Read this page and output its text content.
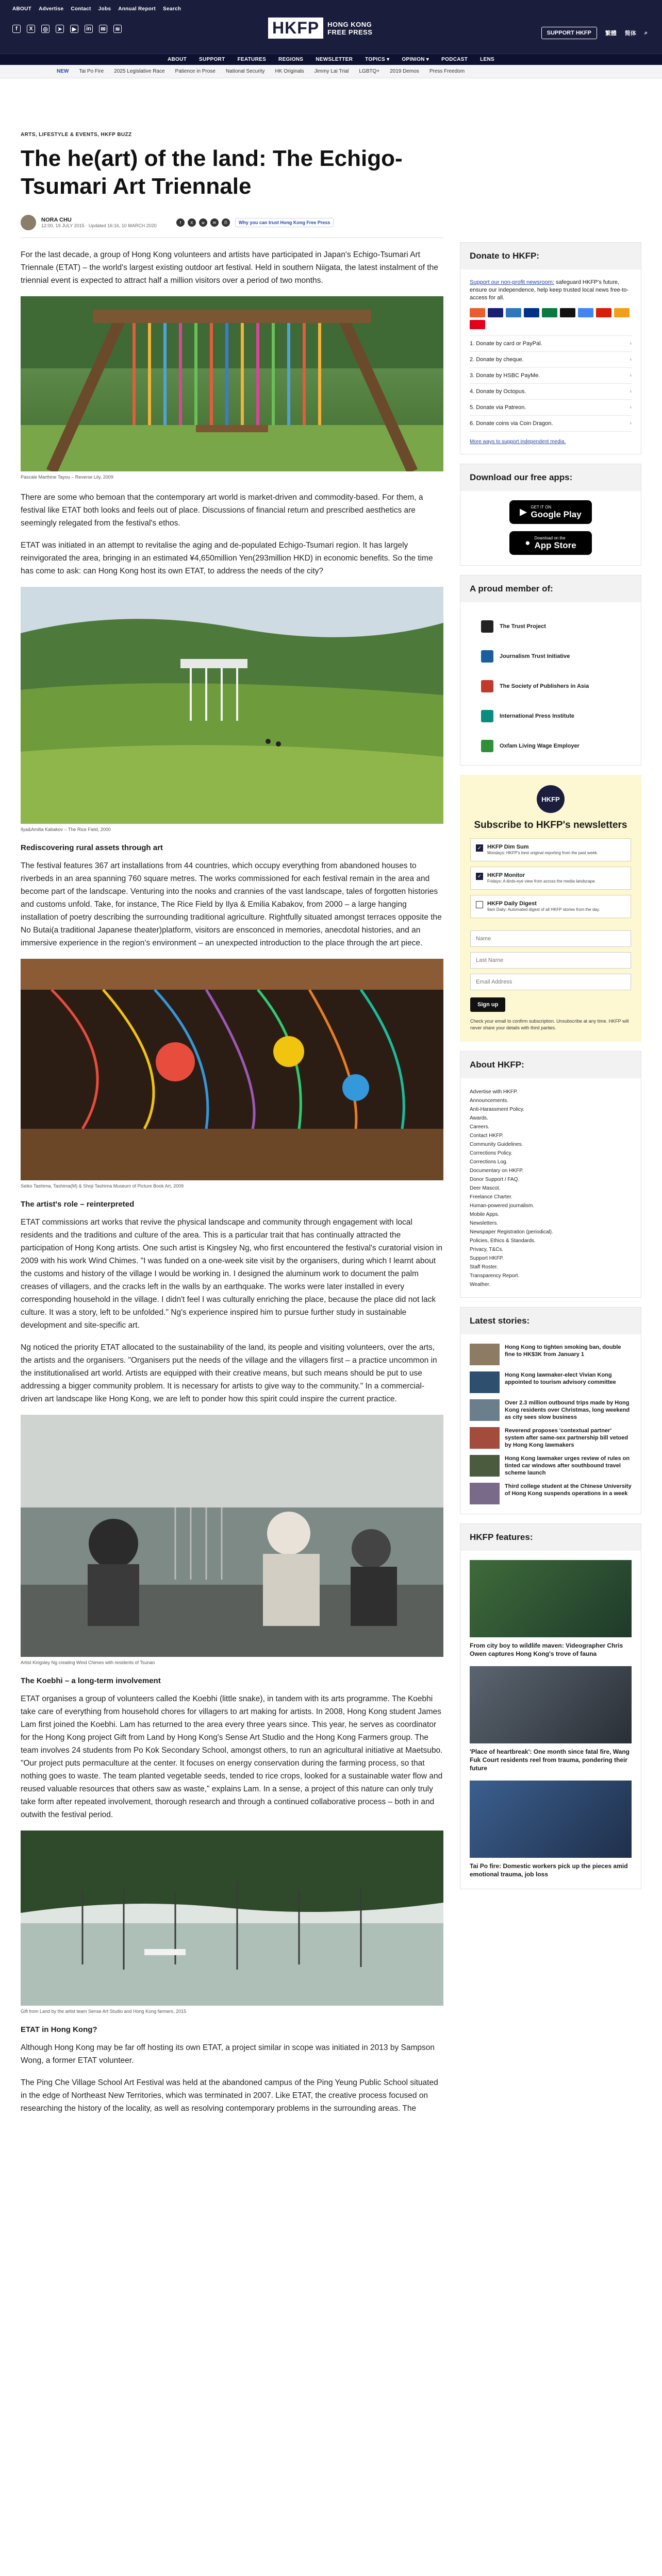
ABOUT Advertise Contact Jobs Annual Report Search
f	X	◎	➤	▶	in	✉	≋	HKFP	HONG KONG
FREE PRESS	SUPPORT HKFP	繁體 简体 ⌕
ABOUT SUPPORT FEATURES REGIONS NEWSLETTER TOPICS ▾ OPINION ▾ PODCAST LENS
NEW Tai Po Fire 2025 Legislative Race Patience in Prose National Security HK Originals Jimmy Lai Trial LGBTQ+ 2019 Demos Press Freedom
ARTS, LIFESTYLE & EVENTS, HKFP BUZZ
The he(art) of the land: The Echigo-Tsumari Art Triennale
NORA CHU
12:00, 19 JULY 2015 · Updated 16:16, 10 MARCH 2020
f	X	w	✉	⎙	Why you can trust Hong Kong Free Press

For the last decade, a group of Hong Kong volunteers and artists have participated in Japan's Echigo-Tsumari Art Triennale (ETAT) – the world's largest existing outdoor art festival. Held in southern Niigata, the latest instalment of the triennial event is expected to attract half a million visitors over a period of two months.

Pascale Marthine Tayou – Reverse Lily, 2009

There are some who bemoan that the contemporary art world is market-driven and commodity-based. For them, a festival like ETAT both looks and feels out of place. Discussions of financial return and prescribed aesthetics are seemingly relegated from the festival's ethos.

ETAT was initiated in an attempt to revitalise the aging and de-populated Echigo-Tsumari region. It has largely reinvigorated the area, bringing in an estimated ¥4,650million Yen(293million HKD) in economic benefits. So the time has come to ask: can Hong Kong host its own ETAT, to address the needs of the city?

Ilya&Amilia Kabakov – The Rice Field, 2000
Rediscovering rural assets through art

The festival features 367 art installations from 44 countries, which occupy everything from abandoned houses to riverbeds in an area spanning 760 square metres. The works commissioned for each festival remain in the area and become part of the landscape. Venturing into the nooks and crannies of the vast landscape, tales of forgotten histories and customs unfold. Take, for instance, The Rice Field by Ilya & Emilia Kabakov, from 2000 – a large hanging installation of poetry describing the surrounding traditional agriculture. Rightfully situated amongst terraces opposite the No Butai(a traditional Japanese theater)platform, visitors are ensconced in memories, anecdotal histories, and an immersive experience in the region's environment – an unexpected introduction to the place through the art piece.

Seiko Tashima, Tashima(M) & Shoji Tashima Museum of Picture Book Art, 2009
The artist's role – reinterpreted

ETAT commissions art works that revive the physical landscape and community through engagement with local residents and the traditions and culture of the area. This is a particular trait that has continually attracted the participation of Hong Kong artists. One such artist is Kingsley Ng, who first encountered the festival's curatorial vision in 2009 with his work Wind Chimes. "I was funded on a one-week site visit by the organisers, during which I learnt about the customs and history of the village I would be working in. I designed the aluminum work to document the palm creases of villagers, and the cracks left in the walls by an earthquake. The works were later installed in every corresponding household in the village. I didn't feel I was culturally enriching the place, because the place did not lack culture. It was a story, left to be unfolded." Ng's experience inspired him to pursue further study in sustainable development and site-specific art.

Ng noticed the priority ETAT allocated to the sustainability of the land, its people and visiting volunteers, over the arts, the artists and the organisers. "Organisers put the needs of the village and the villagers first – a practice uncommon in the institutionalised art world. Artists are equipped with their creative means, but such means should be put to use addressing a bigger community problem. It is necessary for artists to give way to the community." In a commercial-driven art landscape like Hong Kong, we are left to ponder how this spirit could inspire the current practice.

Artist Kingsley Ng creating Wind Chimes with residents of Tsunan
The Koebhi – a long-term involvement

ETAT organises a group of volunteers called the Koebhi (little snake), in tandem with its arts programme. The Koebhi take care of everything from household chores for villagers to art making for artists. In 2008, Hong Kong student James Lam first joined the Koebhi. Lam has returned to the area every three years since. This year, he serves as coordinator for the Hong Kong project Gift from Land by Hong Kong's Sense Art Studio and the Hong Kong Farmers group. The team involves 24 students from Po Kok Secondary School, amongst others, to run an agricultural initiative at Maetsubo. "Our project puts permaculture at the center. It focuses on energy conservation during the farming process, so that nothing goes to waste. The team planted vegetable seeds, tended to rice crops, looked for a sustainable water flow and reused valuable resources that others saw as waste," explains Lam. In a sense, a project of this nature can only truly take form after repeated involvement, thorough research and through a continued collaborative process – both in and outwith the festival period.

Gift from Land by the artist team Sense Art Studio and Hong Kong farmers, 2015
ETAT in Hong Kong?

Although Hong Kong may be far off hosting its own ETAT, a project similar in scope was initiated in 2013 by Sampson Wong, a former ETAT volunteer.

The Ping Che Village School Art Festival was held at the abandoned campus of the Ping Yeung Public School situated in the edge of Northeast New Territories, which was terminated in 2007. Like ETAT, the creative process focused on researching the history of the locality, as well as resolving contemporary problems in the surrounding areas. The

Donate to HKFP:
Support our non-profit newsroom: safeguard HKFP's future, ensure our independence, help keep trusted local news free-to-access for all.
1. Donate by card or PayPal.	›
2. Donate by cheque.	›
3. Donate by HSBC PayMe.	›
4. Donate by Octopus.	›
5. Donate via Patreon.	›
6. Donate coins via Coin Dragon.	›
More ways to support independent media.
Download our free apps:
▶ GET IT ON
Google Play
● Download on the
App Store
A proud member of:
The Trust Project
Journalism Trust Initiative
The Society of Publishers in Asia
International Press Institute
Oxfam Living Wage Employer
HKFP
Subscribe to HKFP's newsletters
✓ HKFP Dim Sum
Mondays: HKFP's best original reporting from the past week.
✓ HKFP Monitor
Fridays: A birds-eye view from across the media landscape.
HKFP Daily Digest
9am Daily: Automated digest of all HKFP stories from the day.
Name
Last Name
Email Address Sign up
Check your email to confirm subscription. Unsubscribe at any time. HKFP will never share your details with third parties.
About HKFP:
Advertise with HKFP.
Announcements.
Anti-Harassment Policy.
Awards.
Careers.
Contact HKFP.
Community Guidelines.
Corrections Policy.
Corrections Log.
Documentary on HKFP.
Donor Support / FAQ.
Deer Mascot.
Freelance Charter.
Human-powered journalism.
Mobile Apps.
Newsletters.
Newspaper Registration (periodical).
Policies, Ethics & Standards.
Privacy, T&Cs.
Support HKFP.
Staff Roster.
Transparency Report.
Weather.
Latest stories:
Hong Kong to tighten smoking ban, double fine to HK$3K from January 1
Hong Kong lawmaker-elect Vivian Kong appointed to tourism advisory committee
Over 2.3 million outbound trips made by Hong Kong residents over Christmas, long weekend as city sees slow business
Reverend proposes 'contextual partner' system after same-sex partnership bill vetoed by Hong Kong lawmakers
Hong Kong lawmaker urges review of rules on tinted car windows after southbound travel scheme launch
Third college student at the Chinese University of Hong Kong suspends operations in a week
HKFP features:
From city boy to wildlife maven: Videographer Chris Owen captures Hong Kong's trove of fauna
'Place of heartbreak': One month since fatal fire, Wang Fuk Court residents reel from trauma, pondering their future
Tai Po fire: Domestic workers pick up the pieces amid emotional trauma, job loss
